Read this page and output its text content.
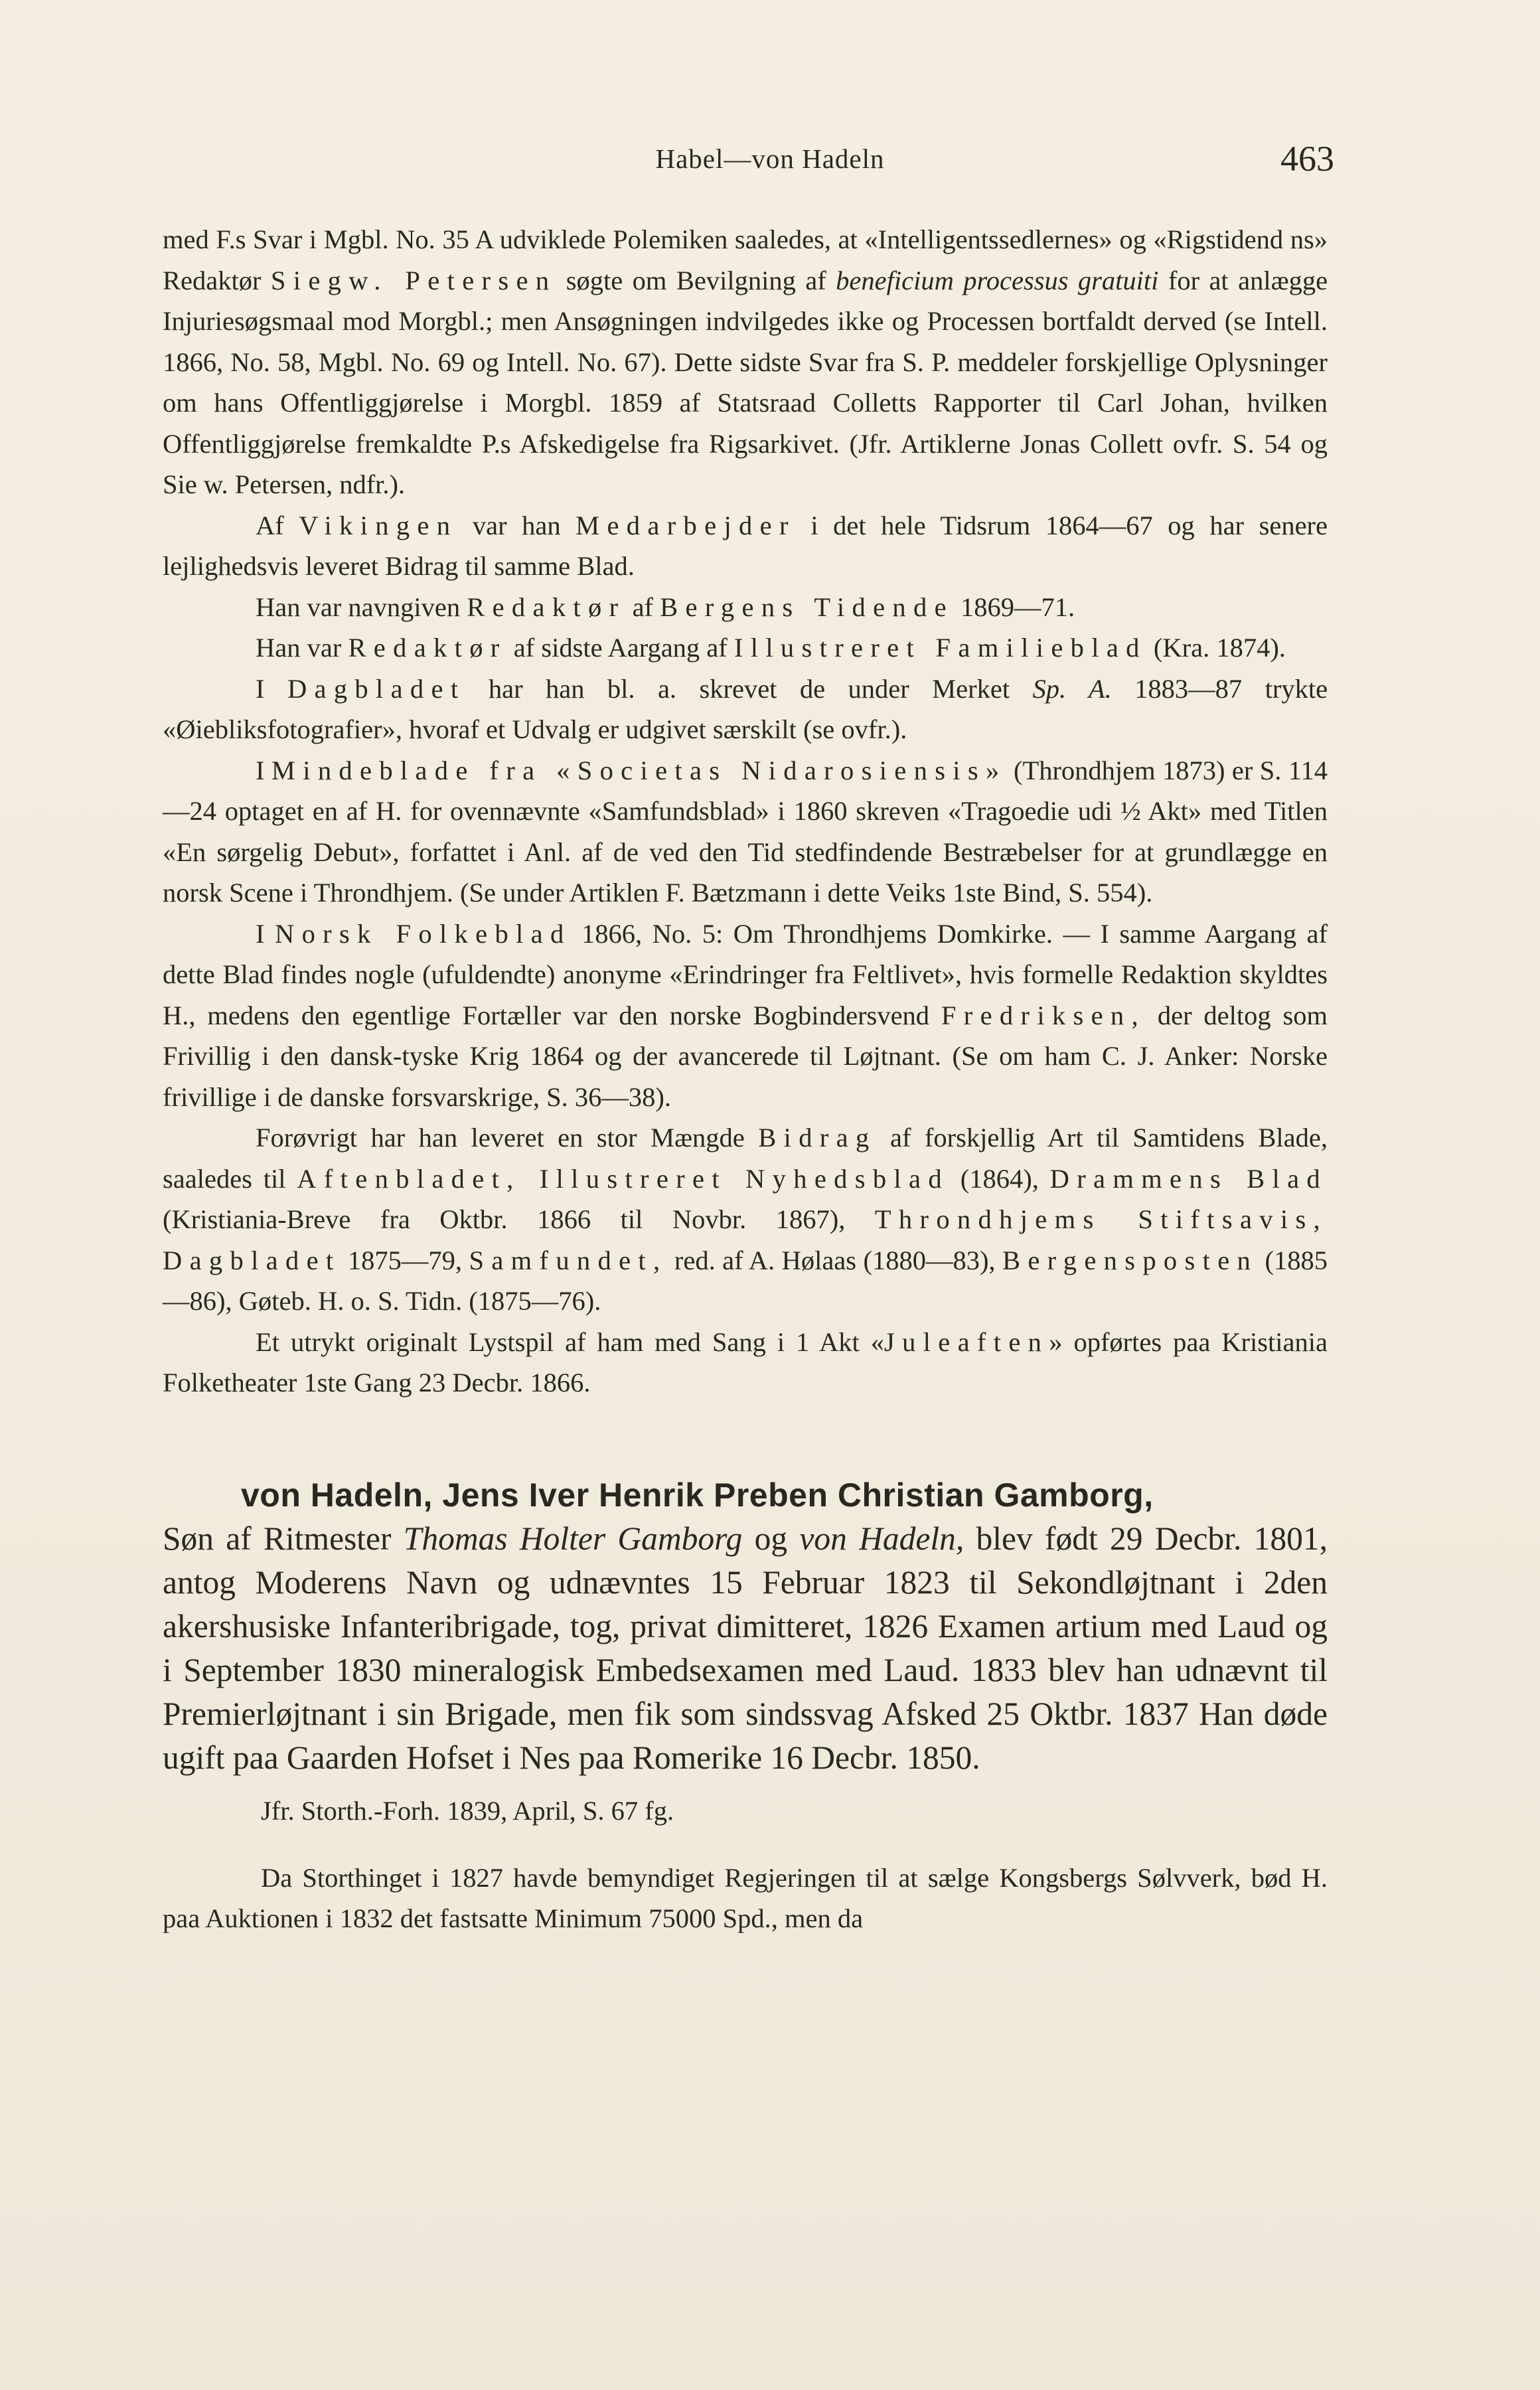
Habel—von Hadeln	463

med F.s Svar i Mgbl. No. 35 A udviklede Polemiken saaledes, at «Intelligentssedlernes» og «Rigstidend ns» Redaktør Siegw. Petersen søgte om Bevilgning af beneficium processus gratuiti for at anlægge Injuriesøgsmaal mod Morgbl.; men Ansøgningen indvilgedes ikke og Processen bortfaldt derved (se Intell. 1866, No. 58, Mgbl. No. 69 og Intell. No. 67). Dette sidste Svar fra S. P. meddeler forskjellige Oplysninger om hans Offentliggjørelse i Morgbl. 1859 af Statsraad Colletts Rapporter til Carl Johan, hvilken Offentliggjørelse fremkaldte P.s Afskedigelse fra Rigsarkivet. (Jfr. Artiklerne Jonas Collett ovfr. S. 54 og Sie w. Petersen, ndfr.).

Af Vikingen var han Medarbejder i det hele Tidsrum 1864—67 og har senere lejlighedsvis leveret Bidrag til samme Blad.

Han var navngiven Redaktør af Bergens Tidende 1869—71.

Han var Redaktør af sidste Aargang af Illustreret Familieblad (Kra. 1874).

I Dagbladet har han bl. a. skrevet de under Merket Sp. A. 1883—87 trykte «Øiebliksfotografier», hvoraf et Udvalg er udgivet særskilt (se ovfr.).

I Mindeblade fra «Societas Nidarosiensis» (Throndhjem 1873) er S. 114—24 optaget en af H. for ovennævnte «Samfundsblad» i 1860 skreven «Tragoedie udi ½ Akt» med Titlen «En sørgelig Debut», forfattet i Anl. af de ved den Tid stedfindende Bestræbelser for at grundlægge en norsk Scene i Throndhjem. (Se under Artiklen F. Bætzmann i dette Veiks 1ste Bind, S. 554).

I Norsk Folkeblad 1866, No. 5: Om Throndhjems Domkirke. — I samme Aargang af dette Blad findes nogle (ufuldendte) anonyme «Erindringer fra Feltlivet», hvis formelle Redaktion skyldtes H., medens den egentlige Fortæller var den norske Bogbindersvend Fredriksen, der deltog som Frivillig i den dansk-tyske Krig 1864 og der avancerede til Løjtnant. (Se om ham C. J. Anker: Norske frivillige i de danske forsvarskrige, S. 36—38).

Forøvrigt har han leveret en stor Mængde Bidrag af forskjellig Art til Samtidens Blade, saaledes til Aftenbladet, Illustreret Nyhedsblad (1864), Drammens Blad (Kristiania-Breve fra Oktbr. 1866 til Novbr. 1867), Throndhjems Stiftsavis, Dagbladet 1875—79, Samfundet, red. af A. Hølaas (1880—83), Bergensposten (1885—86), Gøteb. H. o. S. Tidn. (1875—76).

Et utrykt originalt Lystspil af ham med Sang i 1 Akt «Juleaften» opførtes paa Kristiania Folketheater 1ste Gang 23 Decbr. 1866.

von Hadeln, Jens Iver Henrik Preben Christian Gamborg,

Søn af Ritmester Thomas Holter Gamborg og von Hadeln, blev født 29 Decbr. 1801, antog Moderens Navn og udnævntes 15 Februar 1823 til Sekondløjtnant i 2den akershusiske Infanteribrigade, tog, privat dimitteret, 1826 Examen artium med Laud og i September 1830 mineralogisk Embedsexamen med Laud. 1833 blev han udnævnt til Premierløjtnant i sin Brigade, men fik som sindssvag Afsked 25 Oktbr. 1837 Han døde ugift paa Gaarden Hofset i Nes paa Romerike 16 Decbr. 1850.

Jfr. Storth.-Forh. 1839, April, S. 67 fg.

Da Storthinget i 1827 havde bemyndiget Regjeringen til at sælge Kongsbergs Sølvverk, bød H. paa Auktionen i 1832 det fastsatte Minimum 75000 Spd., men da
